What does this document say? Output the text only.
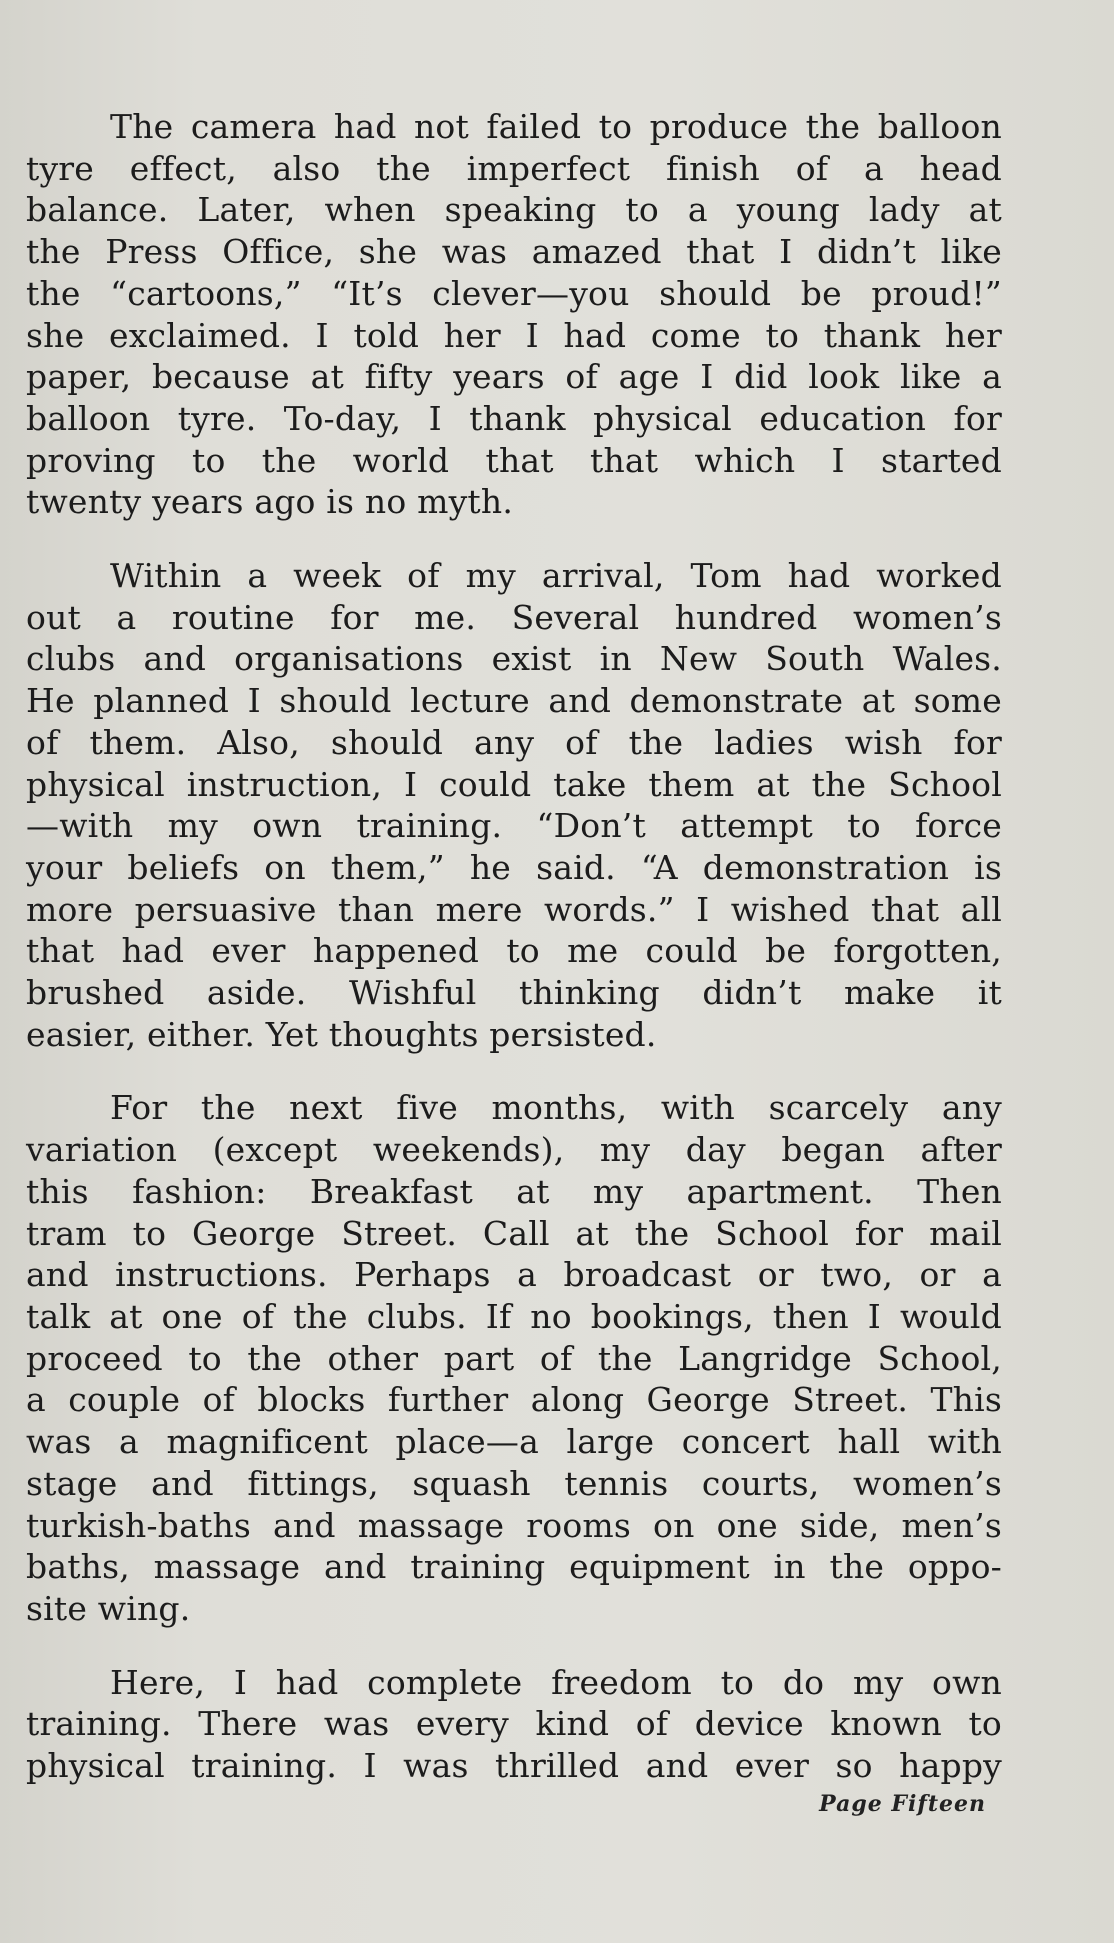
The camera had not failed to produce the balloon
tyre effect, also the imperfect finish of a head
balance. Later, when speaking to a young lady at
the Press Office, she was amazed that I didn’t like
the “cartoons,” “It’s clever—you should be proud!”
she exclaimed. I told her I had come to thank her
paper, because at fifty years of age I did look like a
balloon tyre. To-day, I thank physical education for
proving to the world that that which I started
twenty years ago is no myth.

Within a week of my arrival, Tom had worked
out a routine for me. Several hundred women’s
clubs and organisations exist in New South Wales.
He planned I should lecture and demonstrate at some
of them. Also, should any of the ladies wish for
physical instruction, I could take them at the School
—with my own training. “Don’t attempt to force
your beliefs on them,” he said. “A demonstration is
more persuasive than mere words.” I wished that all
that had ever happened to me could be forgotten,
brushed aside. Wishful thinking didn’t make it
easier, either. Yet thoughts persisted.

For the next five months, with scarcely any
variation (except weekends), my day began after
this fashion: Breakfast at my apartment. Then
tram to George Street. Call at the School for mail
and instructions. Perhaps a broadcast or two, or a
talk at one of the clubs. If no bookings, then I would
proceed to the other part of the Langridge School,
a couple of blocks further along George Street. This
was a magnificent place—a large concert hall with
stage and fittings, squash tennis courts, women’s
turkish-baths and massage rooms on one side, men’s
baths, massage and training equipment in the oppo-
site wing.

Here, I had complete freedom to do my own
training. There was every kind of device known to
physical training. I was thrilled and ever so happy

Page Fifteen
